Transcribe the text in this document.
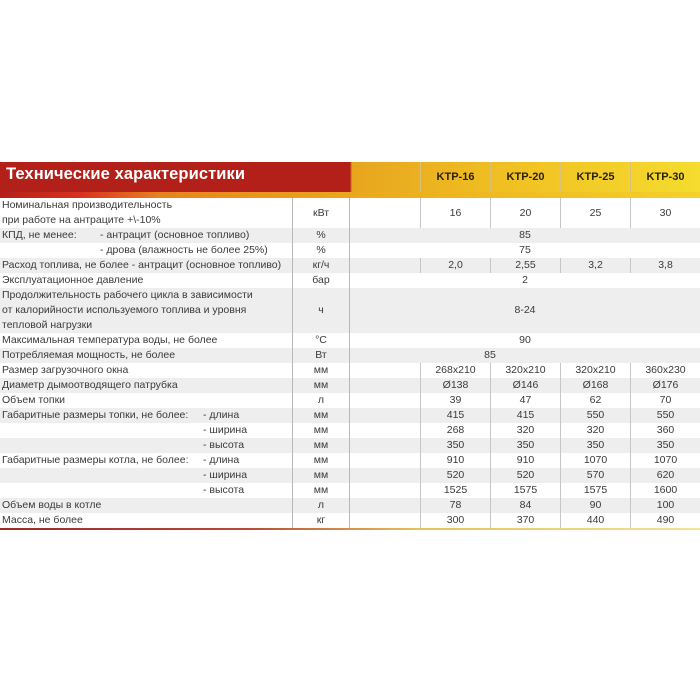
Технические характеристики	KTP-16	KTP-20	KTP-25	KTP-30
Номинальная производительность
при работе на антраците +\-10%
кВт	16	20	25	30
КПД, не менее:	- антрацит (основное топливо)	%	85
- дрова (влажность не более 25%)	%	75
Расход топлива, не более - антрацит (основное топливо)	кг/ч	2,0	2,55	3,2	3,8
Эксплуатационное давление	бар	2
Продолжительность рабочего цикла в зависимости
от калорийности используемого топлива и уровня
тепловой нагрузки
ч	8-24
Максимальная температура воды, не более	°C	90
Потребляемая мощность, не более	Вт	85
Размер загрузочного окна	мм	268x210	320x210	320x210	360x230
Диаметр дымоотводящего патрубка	мм	Ø138	Ø146	Ø168	Ø176
Объем топки	л	39	47	62	70
Габаритные размеры топки, не более:	- длина	мм	415	415	550	550
- ширина	мм	268	320	320	360
- высота	мм	350	350	350	350
Габаритные размеры котла, не более:	- длина	мм	910	910	1070	1070
- ширина	мм	520	520	570	620
- высота	мм	1525	1575	1575	1600
Объем воды в котле	л	78	84	90	100
Масса, не более	кг	300	370	440	490
